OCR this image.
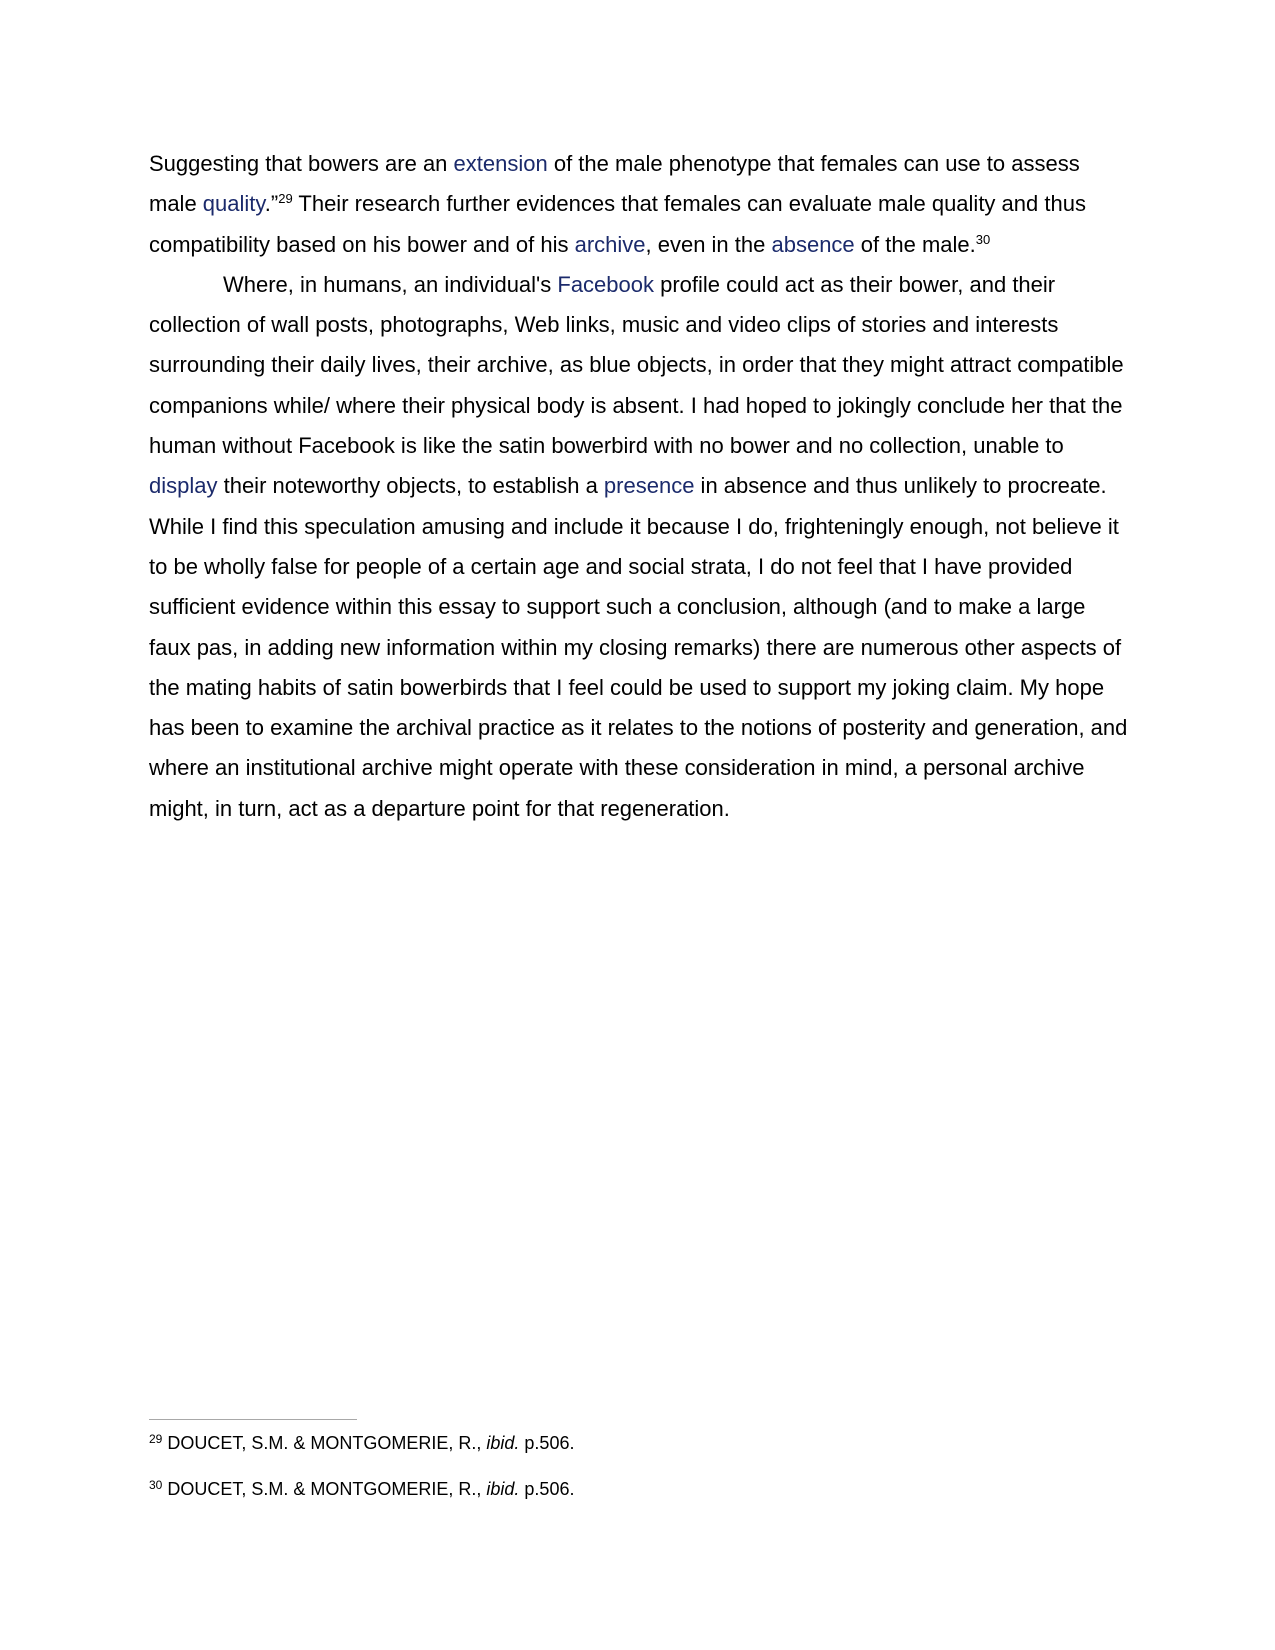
Suggesting that bowers are an extension of the male phenotype that females can use to assess male quality.”$^{29}$ Their research further evidences that females can evaluate male quality and thus compatibility based on his bower and of his archive, even in the absence of the male.$^{30}$

Where, in humans, an individual's Facebook profile could act as their bower, and their collection of wall posts, photographs, Web links, music and video clips of stories and interests surrounding their daily lives, their archive, as blue objects, in order that they might attract compatible companions while/ where their physical body is absent. I had hoped to jokingly conclude her that the human without Facebook is like the satin bowerbird with no bower and no collection, unable to display their noteworthy objects, to establish a presence in absence and thus unlikely to procreate. While I find this speculation amusing and include it because I do, frighteningly enough, not believe it to be wholly false for people of a certain age and social strata, I do not feel that I have provided sufficient evidence within this essay to support such a conclusion, although (and to make a large faux pas, in adding new information within my closing remarks) there are numerous other aspects of the mating habits of satin bowerbirds that I feel could be used to support my joking claim. My hope has been to examine the archival practice as it relates to the notions of posterity and generation, and where an institutional archive might operate with these consideration in mind, a personal archive might, in turn, act as a departure point for that regeneration.

$^{29}$ DOUCET, S.M. & MONTGOMERIE, R., ibid. p.506.
$^{30}$ DOUCET, S.M. & MONTGOMERIE, R., ibid. p.506.
